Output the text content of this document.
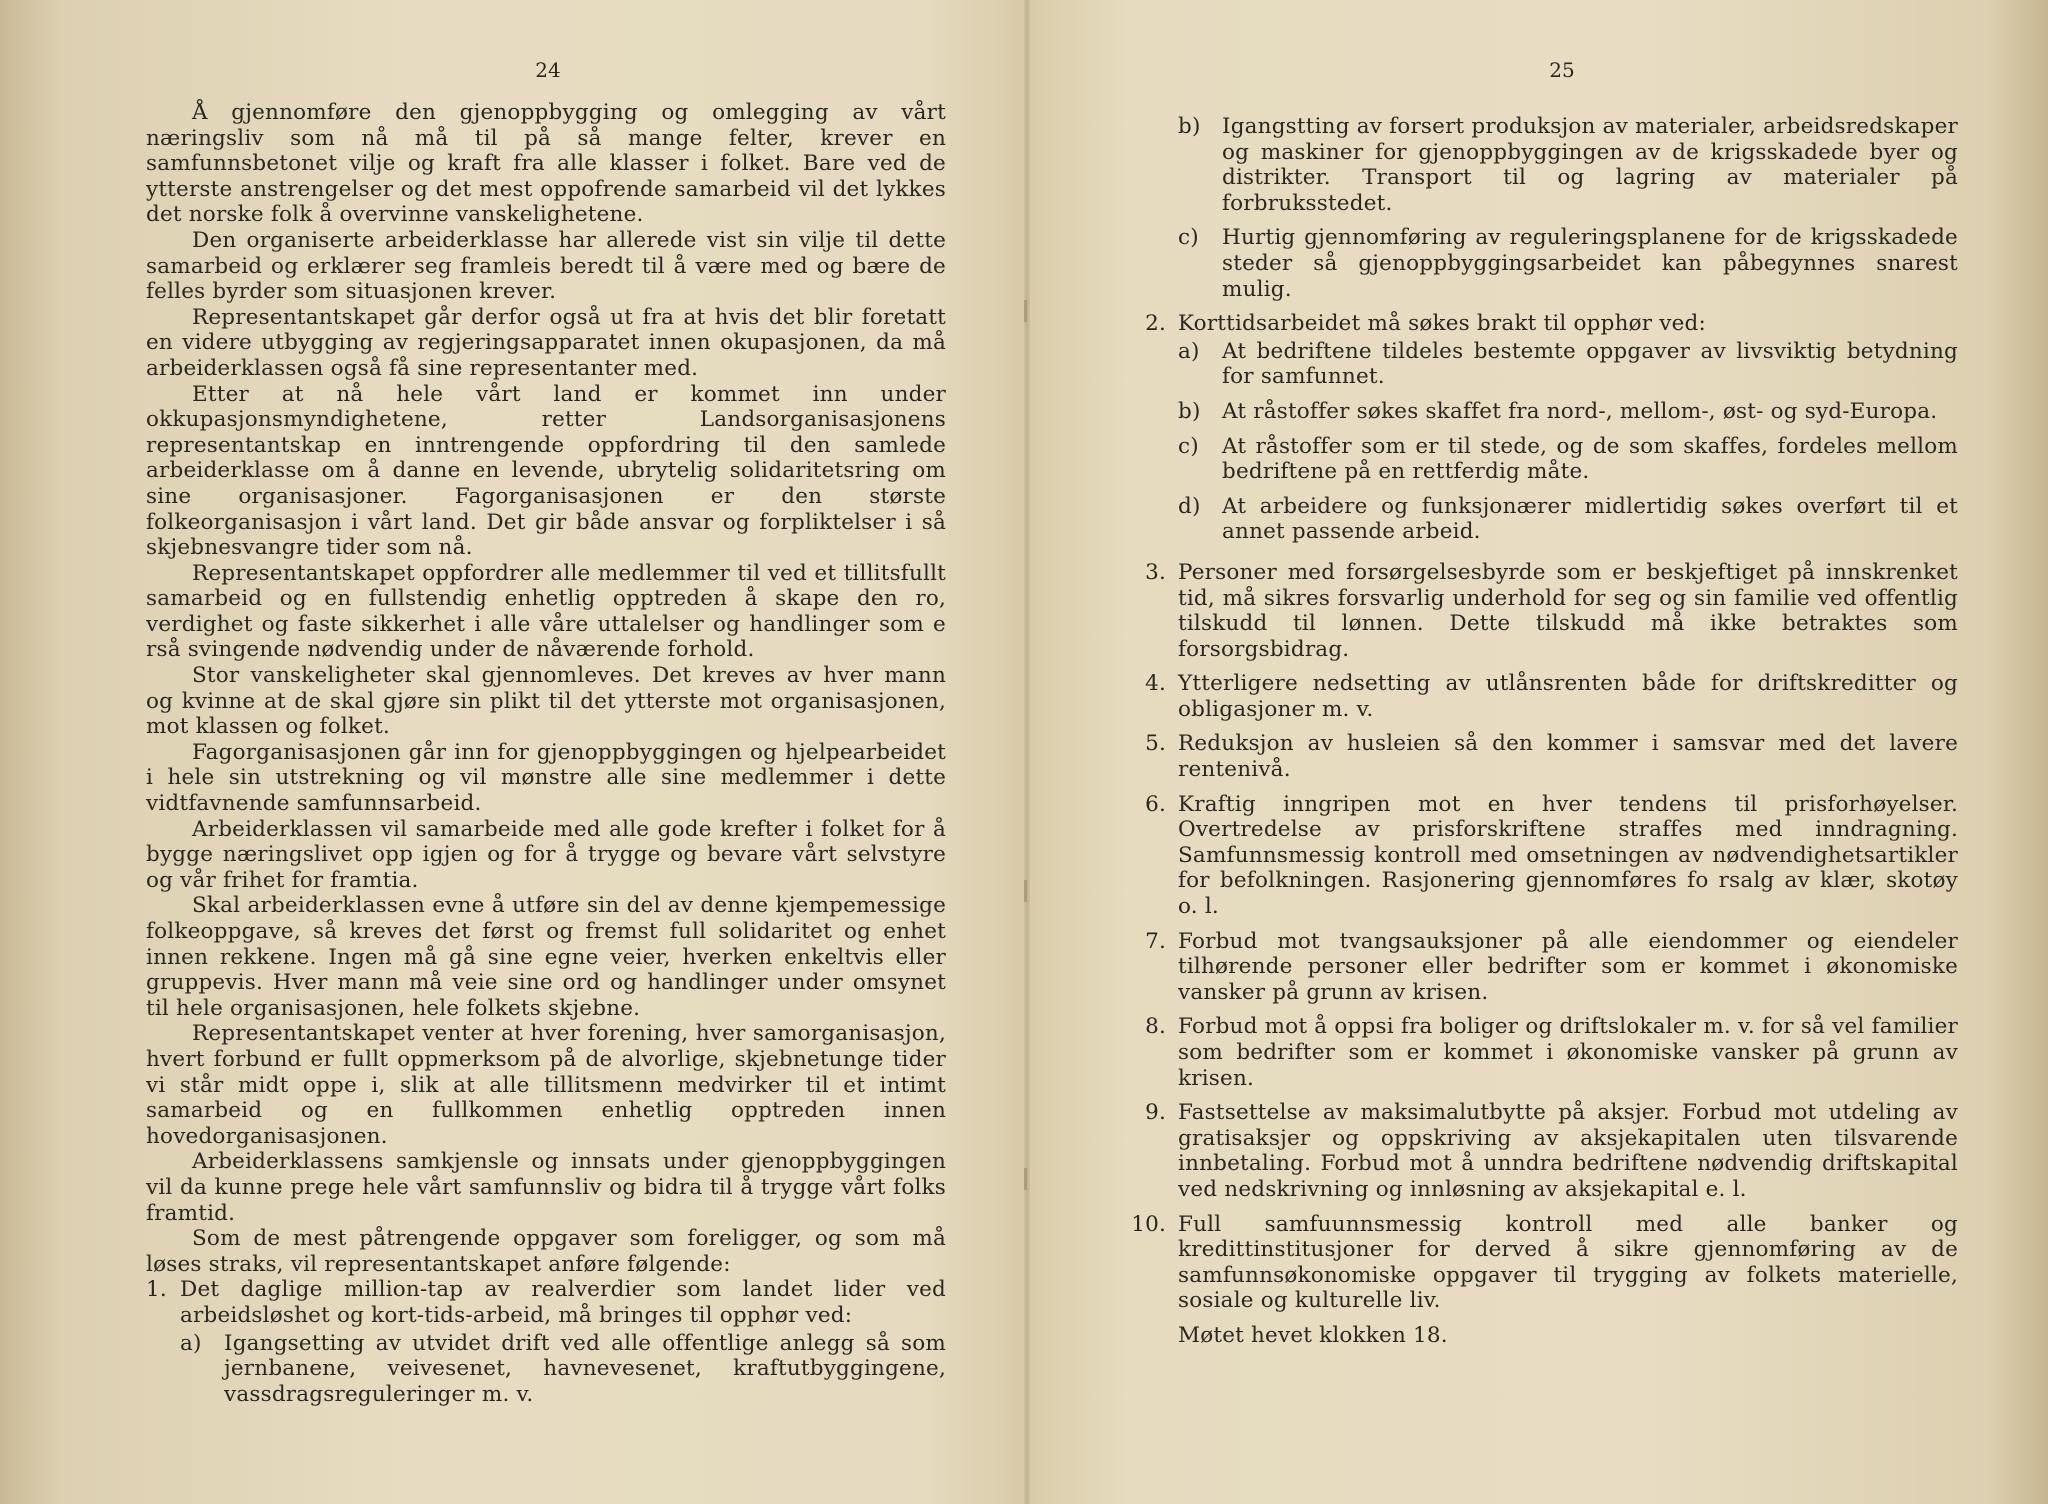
24

Å gjennomføre den gjenoppbygging og omlegging av vårt næringsliv som nå må til på så mange felter, krever en samfunnsbetonet vilje og kraft fra alle klasser i folket. Bare ved de ytterste anstrengelser og det mest oppofrende samarbeid vil det lykkes det norske folk å overvinne vanskelighetene.

Den organiserte arbeiderklasse har allerede vist sin vilje til dette samarbeid og erklærer seg framleis beredt til å være med og bære de felles byrder som situasjonen krever.

Representantskapet går derfor også ut fra at hvis det blir foretatt en videre utbygging av regjeringsapparatet innen okupasjonen, da må arbeiderklassen også få sine representanter med.

Etter at nå hele vårt land er kommet inn under okkupasjonsmyndighetene, retter Landsorganisasjonens representantskap en inntrengende oppfordring til den samlede arbeiderklasse om å danne en levende, ubrytelig solidaritetsring om sine organisasjoner. Fagorganisasjonen er den største folkeorganisasjon i vårt land. Det gir både ansvar og forpliktelser i så skjebnesvangre tider som nå.

Representantskapet oppfordrer alle medlemmer til ved et tillitsfullt samarbeid og en fullstendig enhetlig opptreden å skape den ro, verdighet og faste sikkerhet i alle våre uttalelser og handlinger som e rså svingende nødvendig under de nåværende forhold.

Stor vanskeligheter skal gjennomleves. Det kreves av hver mann og kvinne at de skal gjøre sin plikt til det ytterste mot organisasjonen, mot klassen og folket.

Fagorganisasjonen går inn for gjenoppbyggingen og hjelpearbeidet i hele sin utstrekning og vil mønstre alle sine medlemmer i dette vidtfavnende samfunnsarbeid.

Arbeiderklassen vil samarbeide med alle gode krefter i folket for å bygge næringslivet opp igjen og for å trygge og bevare vårt selvstyre og vår frihet for framtia.

Skal arbeiderklassen evne å utføre sin del av denne kjempemessige folkeoppgave, så kreves det først og fremst full solidaritet og enhet innen rekkene. Ingen må gå sine egne veier, hverken enkeltvis eller gruppevis. Hver mann må veie sine ord og handlinger under omsynet til hele organisasjonen, hele folkets skjebne.

Representantskapet venter at hver forening, hver samorganisasjon, hvert forbund er fullt oppmerksom på de alvorlige, skjebnetunge tider vi står midt oppe i, slik at alle tillitsmenn medvirker til et intimt samarbeid og en fullkommen enhetlig opptreden innen hovedorganisasjonen.

Arbeiderklassens samkjensle og innsats under gjenoppbyggingen vil da kunne prege hele vårt samfunnsliv og bidra til å trygge vårt folks framtid.

Som de mest påtrengende oppgaver som foreligger, og som må løses straks, vil representantskapet anføre følgende:

1. Det daglige million-tap av realverdier som landet lider ved arbeidsløshet og kort-tids-arbeid, må bringes til opphør ved:
a)	Igangsetting av utvidet drift ved alle offentlige anlegg så som jernbanene, veivesenet, havnevesenet, kraftutbyggingene, vassdragsreguleringer m. v.
25
b) Igangstting av forsert produksjon av materialer, arbeidsredskaper og maskiner for gjenoppbyggingen av de krigsskadede byer og distrikter. Transport til og lagring av materialer på forbruksstedet.
c)	Hurtig gjennomføring av reguleringsplanene for de krigsskadede steder så gjenoppbyggingsarbeidet kan påbegynnes snarest mulig.
2. Korttidsarbeidet må søkes brakt til opphør ved:
a)	At bedriftene tildeles bestemte oppgaver av livsviktig betydning for samfunnet.
b) At råstoffer søkes skaffet fra nord-, mellom-, øst- og syd-Europa.
c)	At råstoffer som er til stede, og de som skaffes, fordeles mellom bedriftene på en rettferdig måte.
d) At arbeidere og funksjonærer midlertidig søkes overført til et annet passende arbeid.
3. Personer med forsørgelsesbyrde som er beskjeftiget på innskrenket tid, må sikres forsvarlig underhold for seg og sin familie ved offentlig tilskudd til lønnen. Dette tilskudd må ikke betraktes som forsorgsbidrag.
4. Ytterligere nedsetting av utlånsrenten både for driftskreditter og obligasjoner m. v.
5. Reduksjon av husleien så den kommer i samsvar med det lavere rentenivå.
6. Kraftig inngripen mot en hver tendens til prisforhøyelser. Overtredelse av prisforskriftene straffes med inndragning. Samfunnsmessig kontroll med omsetningen av nødvendighetsartikler for befolkningen. Rasjonering gjennomføres fo rsalg av klær, skotøy o. l.
7. Forbud mot tvangsauksjoner på alle eiendommer og eiendeler tilhørende personer eller bedrifter som er kommet i økonomiske vansker på grunn av krisen.
8. Forbud mot å oppsi fra boliger og driftslokaler m. v. for så vel familier som bedrifter som er kommet i økonomiske vansker på grunn av krisen.
9. Fastsettelse av maksimalutbytte på aksjer. Forbud mot utdeling av gratisaksjer og oppskriving av aksjekapitalen uten tilsvarende innbetaling. Forbud mot å unndra bedriftene nødvendig driftskapital ved nedskrivning og innløsning av aksjekapital e. l.
10. Full samfuunnsmessig kontroll med alle banker og kredittinstitusjoner for derved å sikre gjennomføring av de samfunnsøkonomiske oppgaver til trygging av folkets materielle, sosiale og kulturelle liv.

Møtet hevet klokken 18.
